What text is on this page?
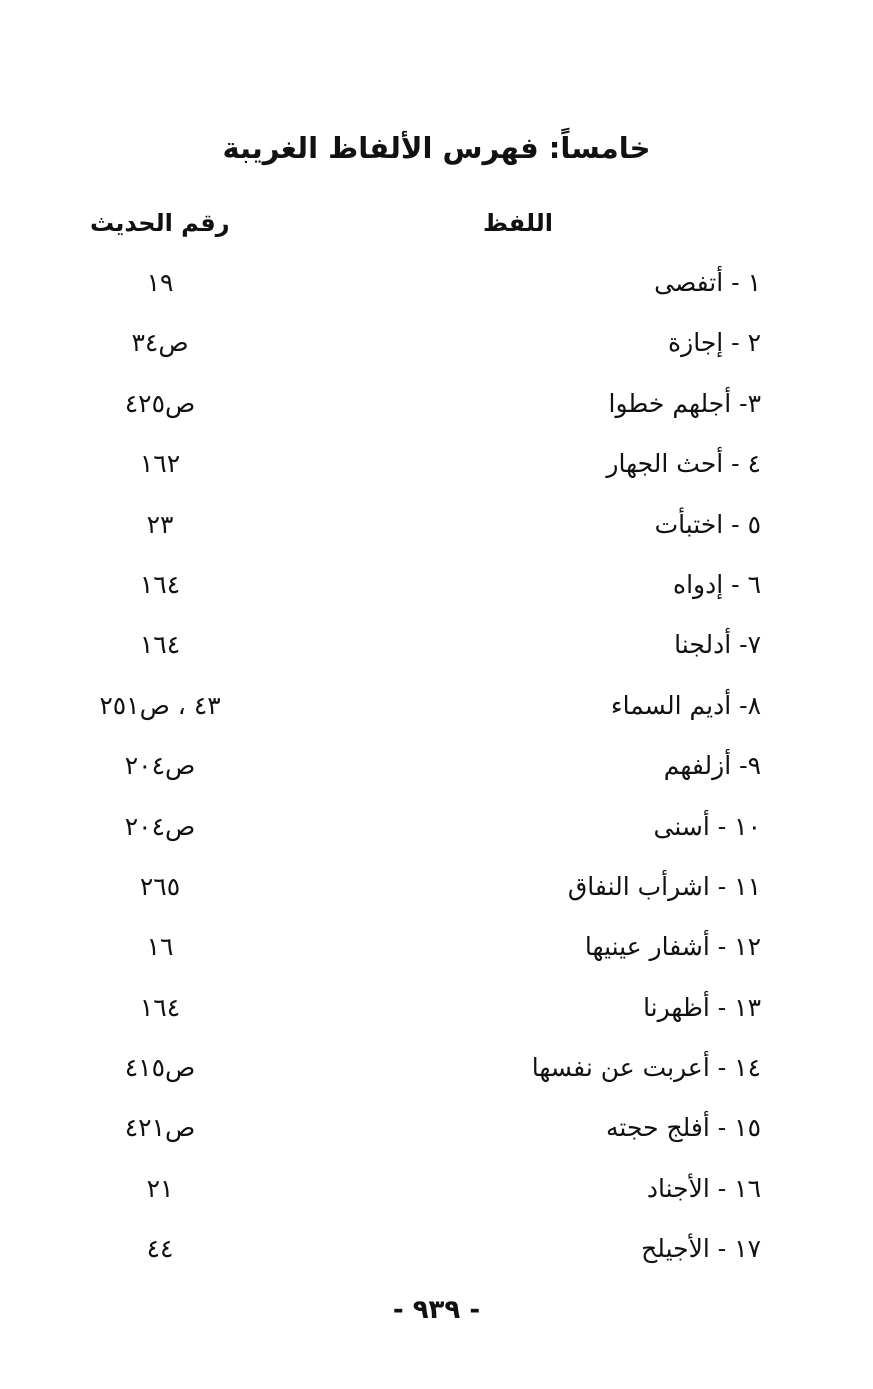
خامساً: فهرس الألفاظ الغريبة
اللفظ
رقم الحديث
١ - أتفصى
١٩
٢ - إجازة
ص٣٤
٣- أجلهم خطوا
ص٤٢٥
٤ - أحث الجهار
١٦٢
٥ - اختبأت
٢٣
٦ - إدواه
١٦٤
٧- أدلجنا
١٦٤
٨- أديم السماء
٤٣ ، ص٢٥١
٩- أزلفهم
ص٢٠٤
١٠ - أسنى
ص٢٠٤
١١ - اشرأب النفاق
٢٦٥
١٢ - أشفار عينيها
١٦
١٣ - أظهرنا
١٦٤
١٤ - أعربت عن نفسها
ص٤١٥
١٥ - أفلج حجته
ص٤٢١
١٦ - الأجناد
٢١
١٧ - الأجيلح
٤٤
- ٩٣٩ -
